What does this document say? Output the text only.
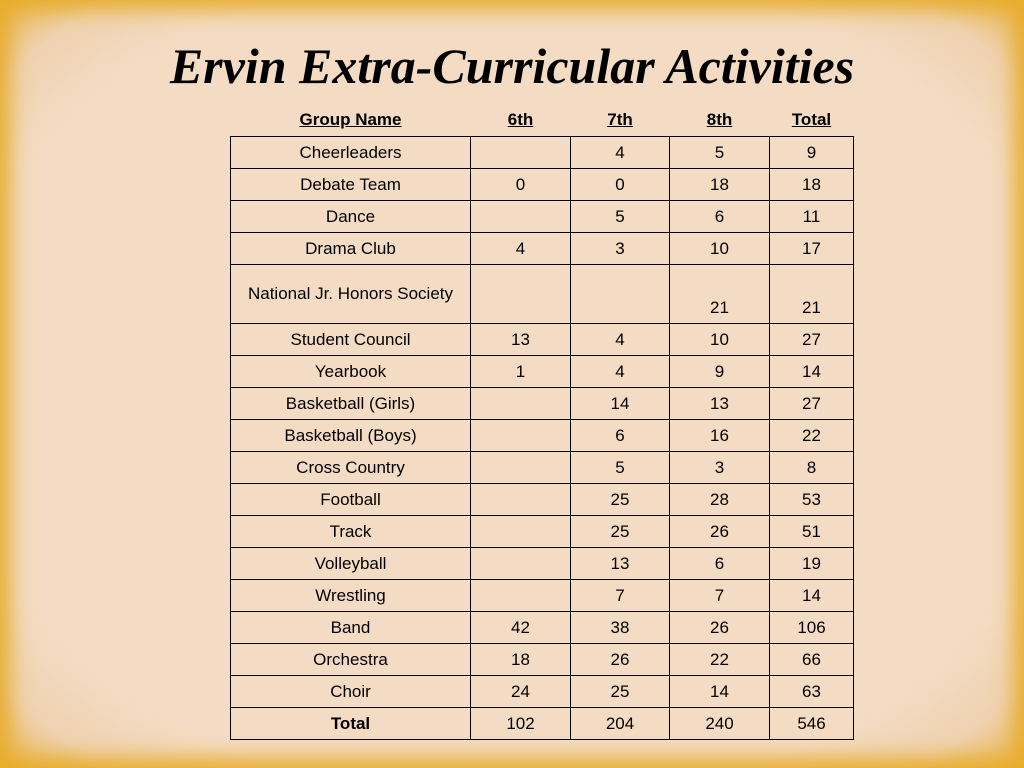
Ervin Extra-Curricular Activities
Group Name	6th	7th	8th	Total
Cheerleaders		4	5	9
Debate Team	0	0	18	18
Dance		5	6	11
Drama Club	4	3	10	17
National Jr. Honors Society			21	21
Student Council	13	4	10	27
Yearbook	1	4	9	14
Basketball (Girls)		14	13	27
Basketball (Boys)		6	16	22
Cross Country		5	3	8
Football		25	28	53
Track		25	26	51
Volleyball		13	6	19
Wrestling		7	7	14
Band	42	38	26	106
Orchestra	18	26	22	66
Choir	24	25	14	63
Total	102	204	240	546
